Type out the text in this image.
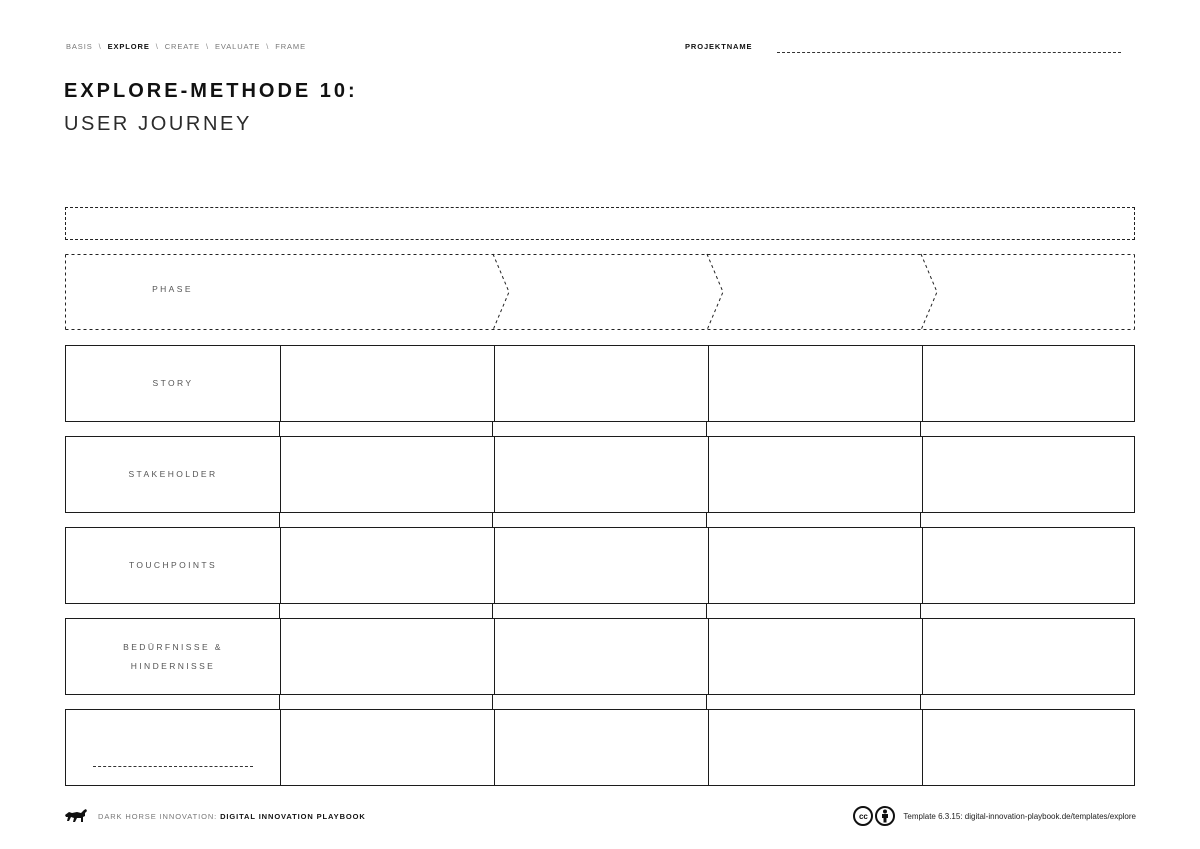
BASIS \ EXPLORE \ CREATE \ EVALUATE \ FRAME	PROJEKTNAME
EXPLORE-METHODE 10:
USER JOURNEY
PHASE
STORY
STAKEHOLDER
TOUCHPOINTS
BEDÜRFNISSE &
HINDERNISSE
DARK HORSE INNOVATION: DIGITAL INNOVATION PLAYBOOK	cc	Template 6.3.15: digital-innovation-playbook.de/templates/explore
